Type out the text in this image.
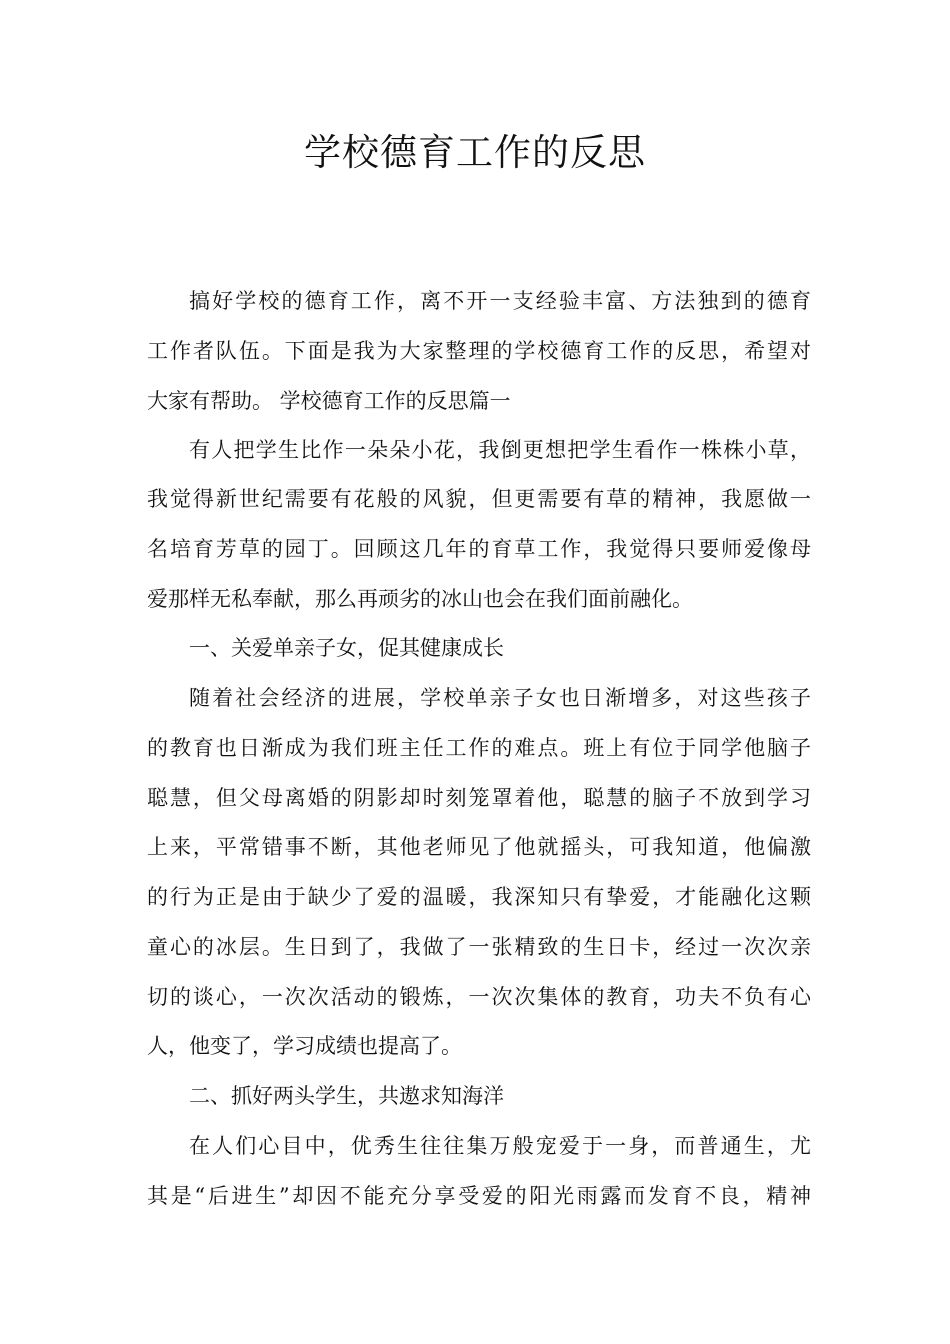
学校德育工作的反思

搞好学校的德育工作，离不开一支经验丰富、方法独到的德育

工作者队伍。下面是我为大家整理的学校德育工作的反思，希望对

大家有帮助。 学校德育工作的反思篇一

有人把学生比作一朵朵小花，我倒更想把学生看作一株株小草，

我觉得新世纪需要有花般的风貌，但更需要有草的精神，我愿做一

名培育芳草的园丁。回顾这几年的育草工作，我觉得只要师爱像母

爱那样无私奉献，那么再顽劣的冰山也会在我们面前融化。

一、关爱单亲子女，促其健康成长

随着社会经济的进展，学校单亲子女也日渐增多，对这些孩子

的教育也日渐成为我们班主任工作的难点。班上有位于同学他脑子

聪慧，但父母离婚的阴影却时刻笼罩着他，聪慧的脑子不放到学习

上来，平常错事不断，其他老师见了他就摇头，可我知道，他偏激

的行为正是由于缺少了爱的温暖，我深知只有挚爱，才能融化这颗

童心的冰层。生日到了，我做了一张精致的生日卡，经过一次次亲

切的谈心，一次次活动的锻炼，一次次集体的教育，功夫不负有心

人，他变了，学习成绩也提高了。

二、抓好两头学生，共遨求知海洋

在人们心目中，优秀生往往集万般宠爱于一身，而普通生，尤

其是“后进生”却因不能充分享受爱的阳光雨露而发育不良，精神
